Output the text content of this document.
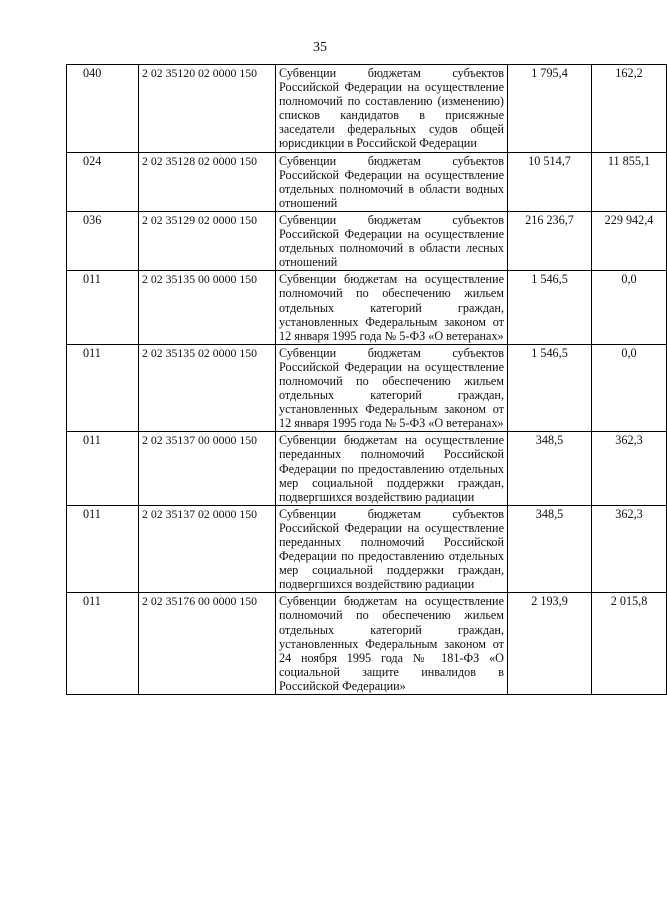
35
040	2 02 35120 02 0000 150	Субвенции бюджетам субъектов Российской Федерации на осуществление полномочий по составлению (изменению) списков кандидатов в присяжные заседатели федеральных судов общей юрисдикции в Российской Федерации	1 795,4	162,2
024	2 02 35128 02 0000 150	Субвенции бюджетам субъектов Российской Федерации на осуществление отдельных полномочий в области водных отношений	10 514,7	11 855,1
036	2 02 35129 02 0000 150	Субвенции бюджетам субъектов Российской Федерации на осуществление отдельных полномочий в области лесных отношений	216 236,7	229 942,4
011	2 02 35135 00 0000 150	Субвенции бюджетам на осуществление полномочий по обеспечению жильем отдельных категорий граждан, установленных Федеральным законом от 12 января 1995 года № 5-ФЗ «О ветеранах»	1 546,5	0,0
011	2 02 35135 02 0000 150	Субвенции бюджетам субъектов Российской Федерации на осуществление полномочий по обеспечению жильем отдельных категорий граждан, установленных Федеральным законом от 12 января 1995 года № 5-ФЗ «О ветеранах»	1 546,5	0,0
011	2 02 35137 00 0000 150	Субвенции бюджетам на осуществление переданных полномочий Российской Федерации по предоставлению отдельных мер социальной поддержки граждан, подвергшихся воздействию радиации	348,5	362,3
011	2 02 35137 02 0000 150	Субвенции бюджетам субъектов Российской Федерации на осуществление переданных полномочий Российской Федерации по предоставлению отдельных мер социальной поддержки граждан, подвергшихся воздействию радиации	348,5	362,3
011	2 02 35176 00 0000 150	Субвенции бюджетам на осуществление полномочий по обеспечению жильем отдельных категорий граждан, установленных Федеральным законом от 24 ноября 1995 года № 181-ФЗ «О социальной защите инвалидов в Российской Федерации»	2 193,9	2 015,8
